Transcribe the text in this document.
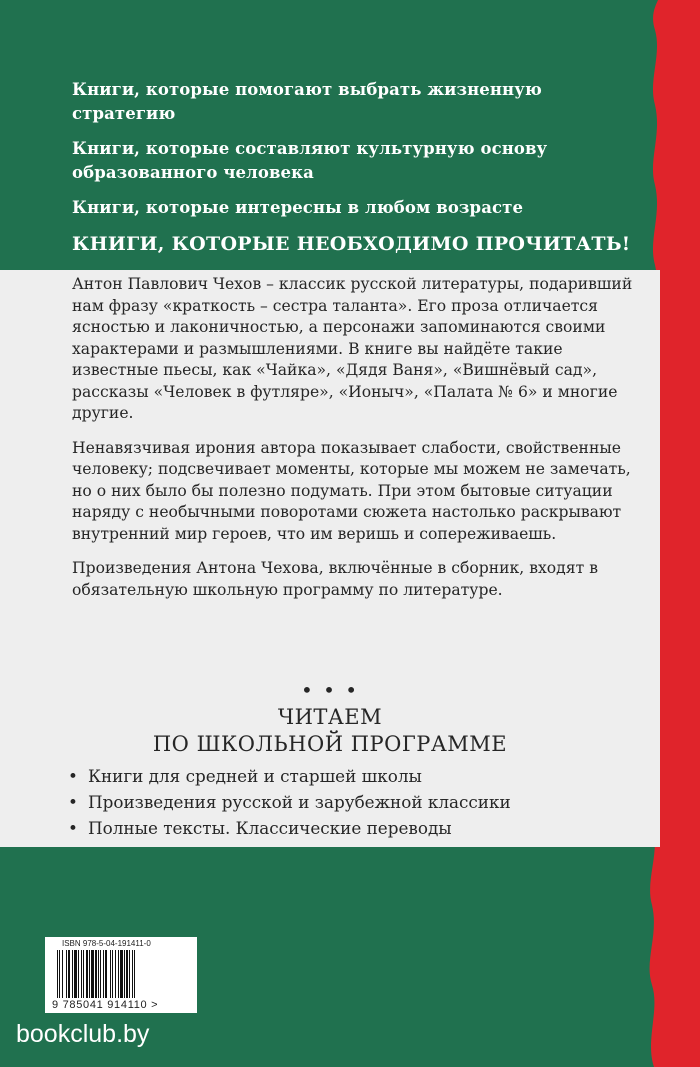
Книги, которые помогают выбрать жизненную стратегию
Книги, которые составляют культурную основу образованного человека
Книги, которые интересны в любом возрасте
КНИГИ, КОТОРЫЕ НЕОБХОДИМО ПРОЧИТАТЬ!

Антон Павлович Чехов – классик русской литературы, подаривший нам фразу «краткость – сестра таланта». Его проза отличается ясностью и лаконичностью, а персонажи запоминаются своими характерами и размышлениями. В книге вы найдёте такие известные пьесы, как «Чайка», «Дядя Ваня», «Вишнёвый сад», рассказы «Человек в футляре», «Ионыч», «Палата № 6» и многие другие.

Ненавязчивая ирония автора показывает слабости, свойственные человеку; подсвечивает моменты, которые мы можем не замечать, но о них было бы полезно подумать. При этом бытовые ситуации наряду с необычными поворотами сюжета настолько раскрывают внутренний мир героев, что им веришь и сопереживаешь.

Произведения Антона Чехова, включённые в сборник, входят в обязательную школьную программу по литературе.

• • •
ЧИТАЕМ
ПО ШКОЛЬНОЙ ПРОГРАММЕ
• Книги для средней и старшей школы
• Произведения русской и зарубежной классики
• Полные тексты. Классические переводы
ISBN 978-5-04-191411-0
9 785041 914110 >
bookclub.by
